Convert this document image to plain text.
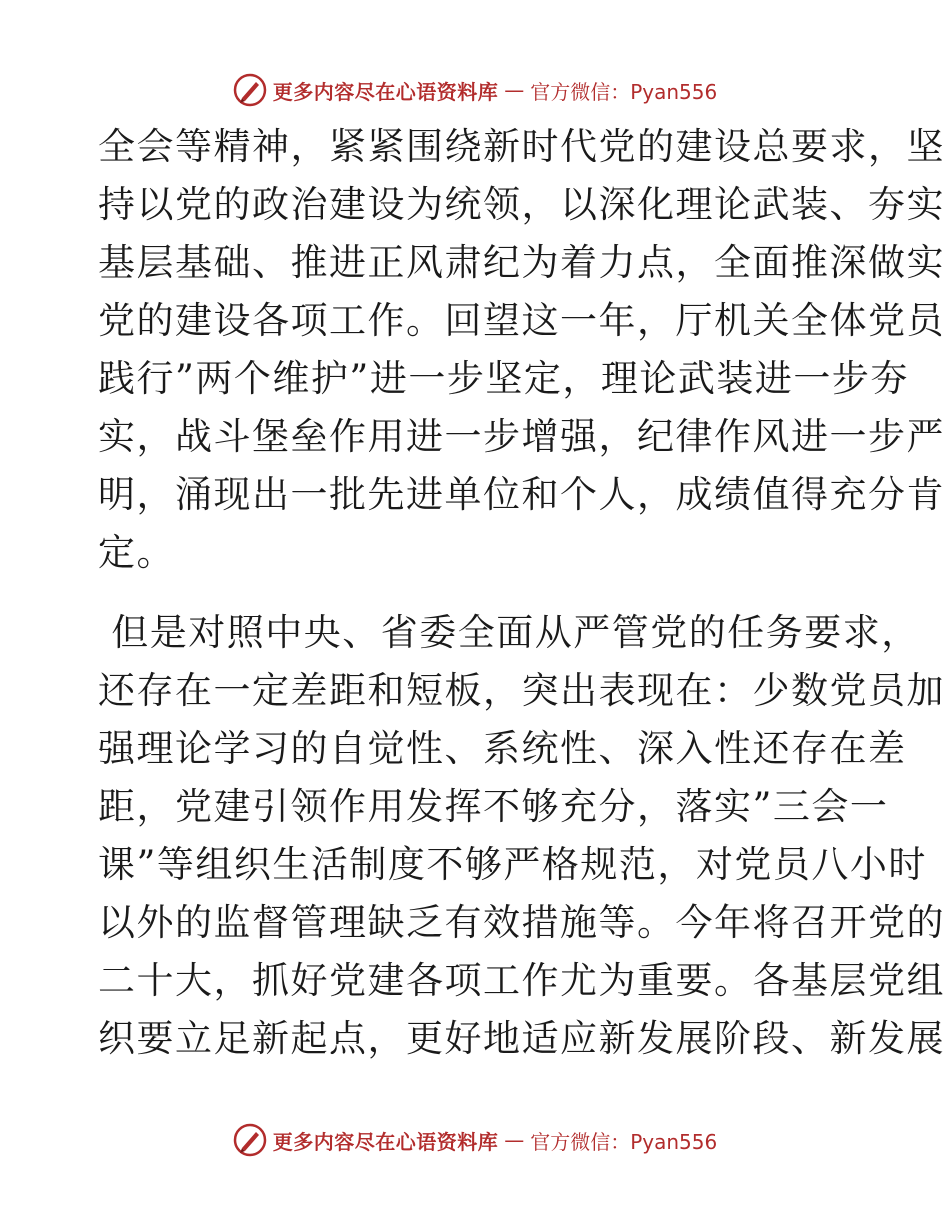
更多内容尽在心语资料库 — 官方微信：Pyan556
全会等精神，紧紧围绕新时代党的建设总要求，坚
持以党的政治建设为统领，以深化理论武装、夯实
基层基础、推进正风肃纪为着力点，全面推深做实
党的建设各项工作。回望这一年，厅机关全体党员
践行”两个维护”进一步坚定，理论武装进一步夯
实，战斗堡垒作用进一步增强，纪律作风进一步严
明，涌现出一批先进单位和个人，成绩值得充分肯
定。
但是对照中央、省委全面从严管党的任务要求，
还存在一定差距和短板，突出表现在：少数党员加
强理论学习的自觉性、系统性、深入性还存在差
距，党建引领作用发挥不够充分，落实”三会一
课”等组织生活制度不够严格规范，对党员八小时
以外的监督管理缺乏有效措施等。今年将召开党的
二十大，抓好党建各项工作尤为重要。各基层党组
织要立足新起点，更好地适应新发展阶段、新发展
更多内容尽在心语资料库 — 官方微信：Pyan556
